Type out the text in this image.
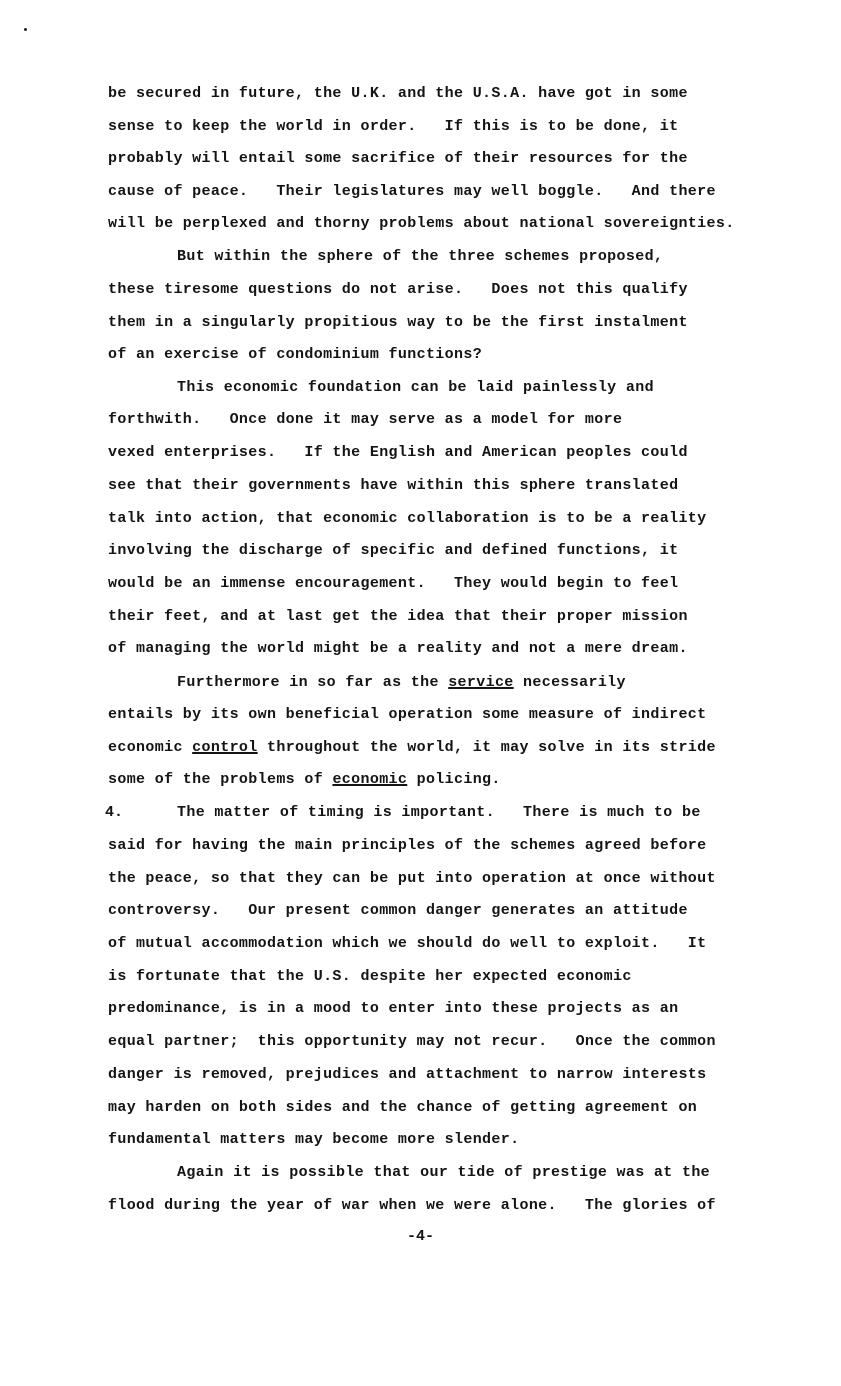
be secured in future, the U.K. and the U.S.A. have got in some

sense to keep the world in order.   If this is to be done, it

probably will entail some sacrifice of their resources for the

cause of peace.   Their legislatures may well boggle.   And there

will be perplexed and thorny problems about national sovereignties.

But within the sphere of the three schemes proposed,

these tiresome questions do not arise.   Does not this qualify

them in a singularly propitious way to be the first instalment

of an exercise of condominium functions?

This economic foundation can be laid painlessly and

forthwith.   Once done it may serve as a model for more

vexed enterprises.   If the English and American peoples could

see that their governments have within this sphere translated

talk into action, that economic collaboration is to be a reality

involving the discharge of specific and defined functions, it

would be an immense encouragement.   They would begin to feel

their feet, and at last get the idea that their proper mission

of managing the world might be a reality and not a mere dream.

Furthermore in so far as the service necessarily

entails by its own beneficial operation some measure of indirect

economic control throughout the world, it may solve in its stride

some of the problems of economic policing.

4.	The matter of timing is important.   There is much to be

said for having the main principles of the schemes agreed before

the peace, so that they can be put into operation at once without

controversy.   Our present common danger generates an attitude

of mutual accommodation which we should do well to exploit.   It

is fortunate that the U.S. despite her expected economic

predominance, is in a mood to enter into these projects as an

equal partner;  this opportunity may not recur.   Once the common

danger is removed, prejudices and attachment to narrow interests

may harden on both sides and the chance of getting agreement on

fundamental matters may become more slender.

Again it is possible that our tide of prestige was at the

flood during the year of war when we were alone.   The glories of

-4-
